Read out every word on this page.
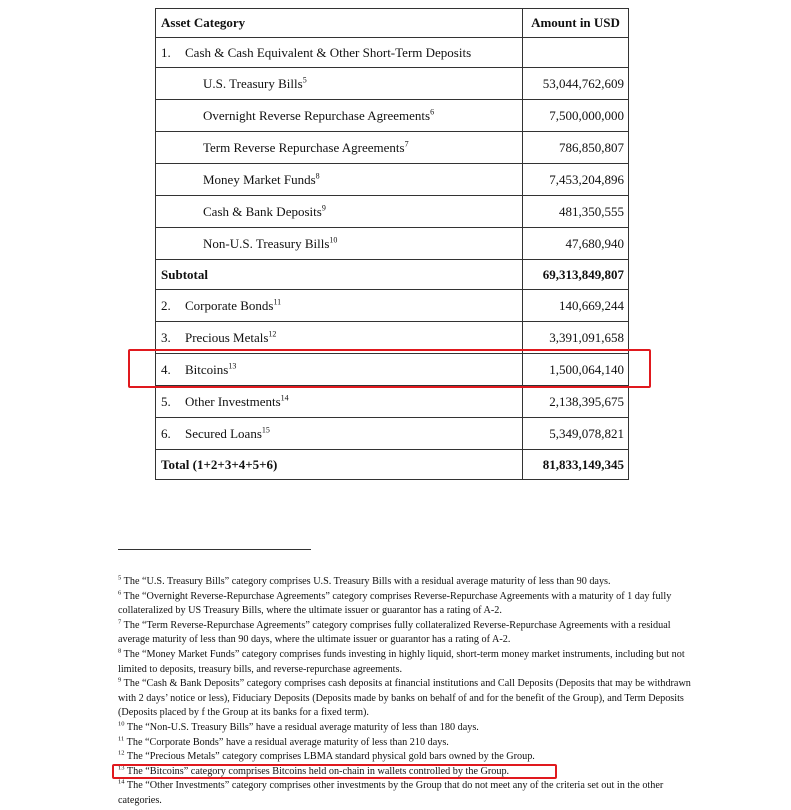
Asset Category	Amount in USD
1. Cash & Cash Equivalent & Other Short-Term Deposits	
U.S. Treasury Bills$^5$	53,044,762,609
Overnight Reverse Repurchase Agreements$^6$	7,500,000,000
Term Reverse Repurchase Agreements$^7$	786,850,807
Money Market Funds$^8$	7,453,204,896
Cash & Bank Deposits$^9$	481,350,555
Non-U.S. Treasury Bills$^{10}$	47,680,940
Subtotal	69,313,849,807
2. Corporate Bonds$^{11}$	140,669,244
3. Precious Metals$^{12}$	3,391,091,658
4. Bitcoins$^{13}$	1,500,064,140
5. Other Investments$^{14}$	2,138,395,675
6. Secured Loans$^{15}$	5,349,078,821
Total (1+2+3+4+5+6)	81,833,149,345

$^5$ The “U.S. Treasury Bills” category comprises U.S. Treasury Bills with a residual average maturity of less than 90 days.

$^6$ The “Overnight Reverse-Repurchase Agreements” category comprises Reverse-Repurchase Agreements with a maturity of 1 day fully collateralized by US Treasury Bills, where the ultimate issuer or guarantor has a rating of A-2.

$^7$ The “Term Reverse-Repurchase Agreements” category comprises fully collateralized Reverse-Repurchase Agreements with a residual average maturity of less than 90 days, where the ultimate issuer or guarantor has a rating of A-2.

$^8$ The “Money Market Funds” category comprises funds investing in highly liquid, short-term money market instruments, including but not limited to deposits, treasury bills, and reverse-repurchase agreements.

$^9$ The “Cash & Bank Deposits” category comprises cash deposits at financial institutions and Call Deposits (Deposits that may be withdrawn with 2 days’ notice or less), Fiduciary Deposits (Deposits made by banks on behalf of and for the benefit of the Group), and Term Deposits (Deposits placed by f the Group at its banks for a fixed term).

$^{10}$ The “Non-U.S. Treasury Bills” have a residual average maturity of less than 180 days.

$^{11}$ The “Corporate Bonds” have a residual average maturity of less than 210 days.

$^{12}$ The “Precious Metals” category comprises LBMA standard physical gold bars owned by the Group.

$^{13}$ The “Bitcoins” category comprises Bitcoins held on-chain in wallets controlled by the Group.

$^{14}$ The “Other Investments” category comprises other investments by the Group that do not meet any of the criteria set out in the other categories.
